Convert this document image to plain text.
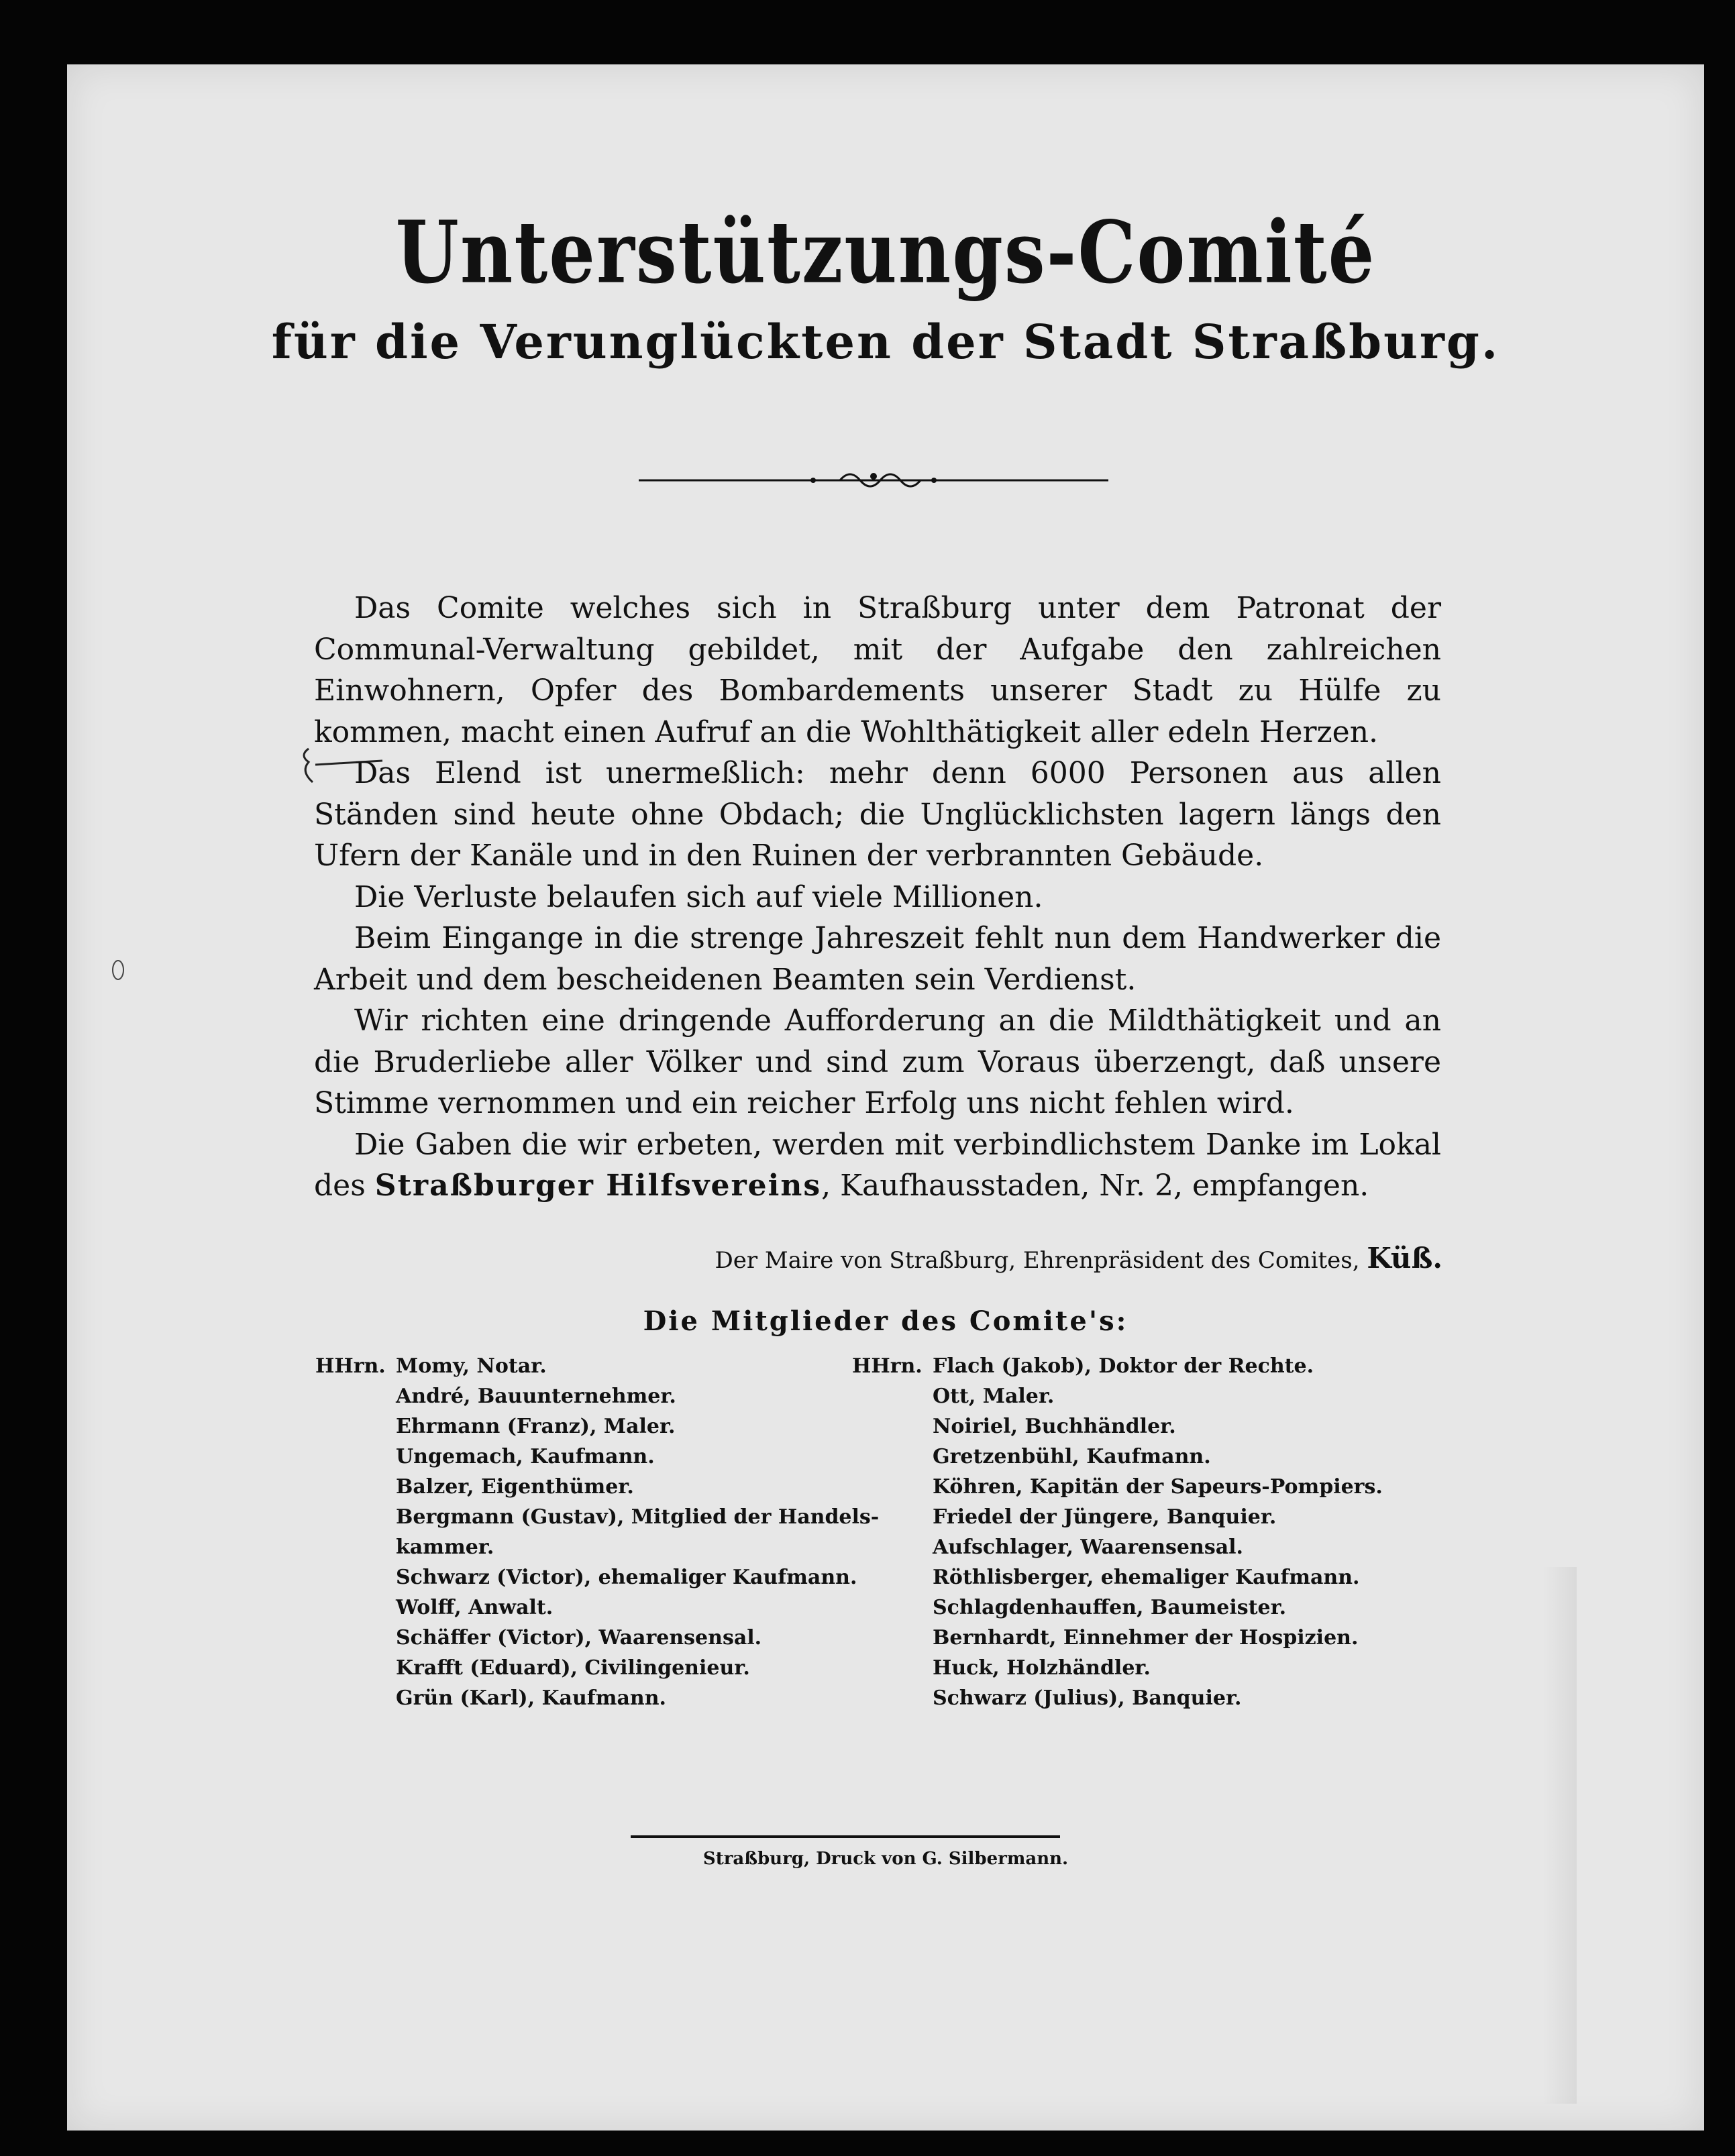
Unterstützungs-Comité
für die Verunglückten der Stadt Straßburg.

Das Comite welches sich in Straßburg unter dem Patronat der Communal-Verwaltung gebildet, mit der Aufgabe den zahlreichen Einwohnern, Opfer des Bombardements unserer Stadt zu Hülfe zu kommen, macht einen Aufruf an die Wohlthätigkeit aller edeln Herzen.

Das Elend ist unermeßlich: mehr denn 6000 Personen aus allen Ständen sind heute ohne Obdach; die Unglücklichsten lagern längs den Ufern der Kanäle und in den Ruinen der verbrannten Gebäude.

Die Verluste belaufen sich auf viele Millionen.

Beim Eingange in die strenge Jahreszeit fehlt nun dem Handwerker die Arbeit und dem bescheidenen Beamten sein Verdienst.

Wir richten eine dringende Aufforderung an die Mildthätigkeit und an die Bruderliebe aller Völker und sind zum Voraus überzengt, daß unsere Stimme vernommen und ein reicher Erfolg uns nicht fehlen wird.

Die Gaben die wir erbeten, werden mit verbindlichstem Danke im Lokal des Straßburger Hilfsvereins, Kaufhausstaden, Nr. 2, empfangen.

Der Maire von Straßburg, Ehrenpräsident des Comites, Küß.
Die Mitglieder des Comite's:
HHrn. Momy, Notar.
André, Bauunternehmer.
Ehrmann (Franz), Maler.
Ungemach, Kaufmann.
Balzer, Eigenthümer.
Bergmann (Gustav), Mitglied der Handels-
kammer.
Schwarz (Victor), ehemaliger Kaufmann.
Wolff, Anwalt.
Schäffer (Victor), Waarensensal.
Krafft (Eduard), Civilingenieur.
Grün (Karl), Kaufmann.
HHrn. Flach (Jakob), Doktor der Rechte.
Ott, Maler.
Noiriel, Buchhändler.
Gretzenbühl, Kaufmann.
Köhren, Kapitän der Sapeurs-Pompiers.
Friedel der Jüngere, Banquier.
Aufschlager, Waarensensal.
Röthlisberger, ehemaliger Kaufmann.
Schlagdenhauffen, Baumeister.
Bernhardt, Einnehmer der Hospizien.
Huck, Holzhändler.
Schwarz (Julius), Banquier.
Straßburg, Druck von G. Silbermann.
